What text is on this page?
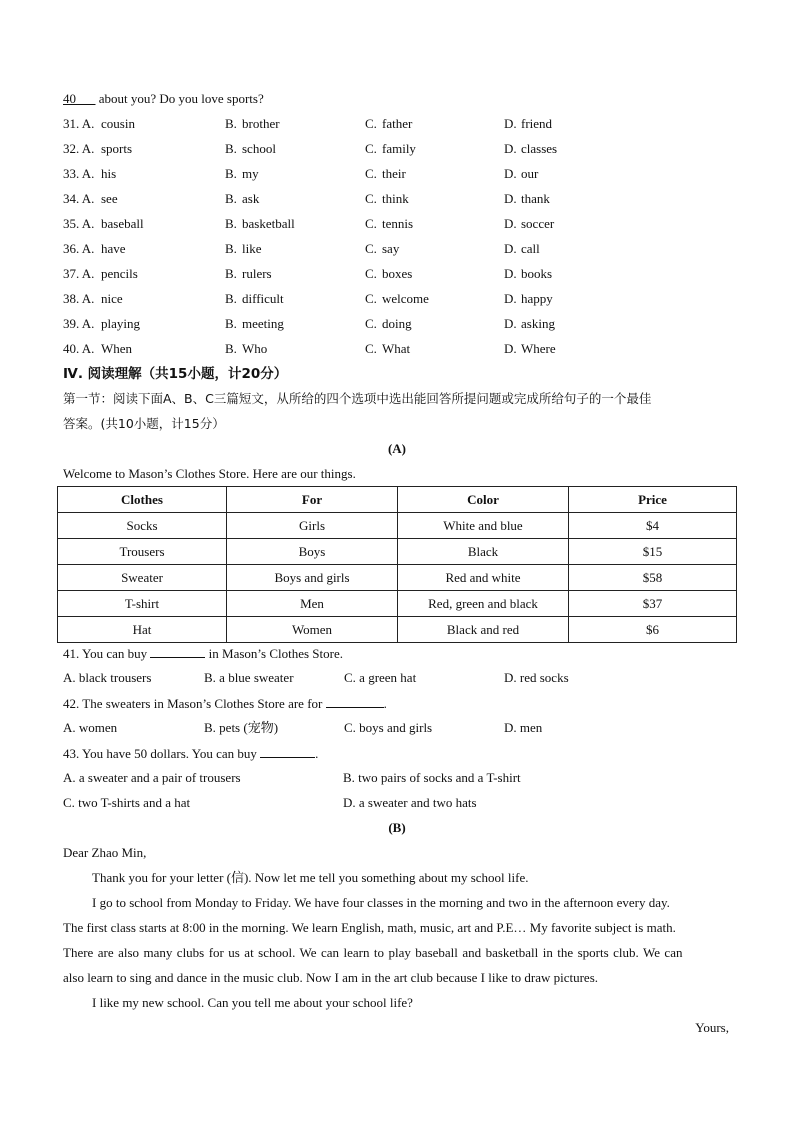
40       about you? Do you love sports?
31. A. cousin	B. brother	C. father	D. friend
32. A. sports	B. school	C. family	D. classes
33. A. his	B. my	C. their	D. our
34. A. see	B. ask	C. think	D. thank
35. A. baseball	B. basketball	C. tennis	D. soccer
36. A. have	B. like	C. say	D. call
37. A. pencils	B. rulers	C. boxes	D. books
38. A. nice	B. difficult	C. welcome	D. happy
39. A. playing	B. meeting	C. doing	D. asking
40. A. When	B. Who	C. What	D. Where
Ⅳ. 阅读理解（共15小题，计20分）
第一节：阅读下面A、B、C三篇短文，从所给的四个选项中选出能回答所提问题或完成所给句子的一个最佳
答案。(共10小题，计15分）
(A)
Welcome to Mason’s Clothes Store. Here are our things.
Clothes	For	Color	Price
Socks	Girls	White and blue	$4
Trousers	Boys	Black	$15
Sweater	Boys and girls	Red and white	$58
T-shirt	Men	Red, green and black	$37
Hat	Women	Black and red	$6
41. You can buy	in Mason’s Clothes Store.
A. black trousers	B. a blue sweater	C. a green hat	D. red socks
42. The sweaters in Mason’s Clothes Store are for	.
A. women	B. pets (宠物)	C. boys and girls	D. men
43. You have 50 dollars. You can buy	.
A. a sweater and a pair of trousers	B. two pairs of socks and a T-shirt
C. two T-shirts and a hat	D. a sweater and two hats
(B)
Dear Zhao Min,
Thank you for your letter (信). Now let me tell you something about my school life.
I go to school from Monday to Friday. We have four classes in the morning and two in the afternoon every day.
The first class starts at 8:00 in the morning. We learn English, math, music, art and P.E… My favorite subject is math.
There are also many clubs for us at school. We can learn to play baseball and basketball in the sports club. We can
also learn to sing and dance in the music club. Now I am in the art club because I like to draw pictures.
I like my new school. Can you tell me about your school life?
Yours,
